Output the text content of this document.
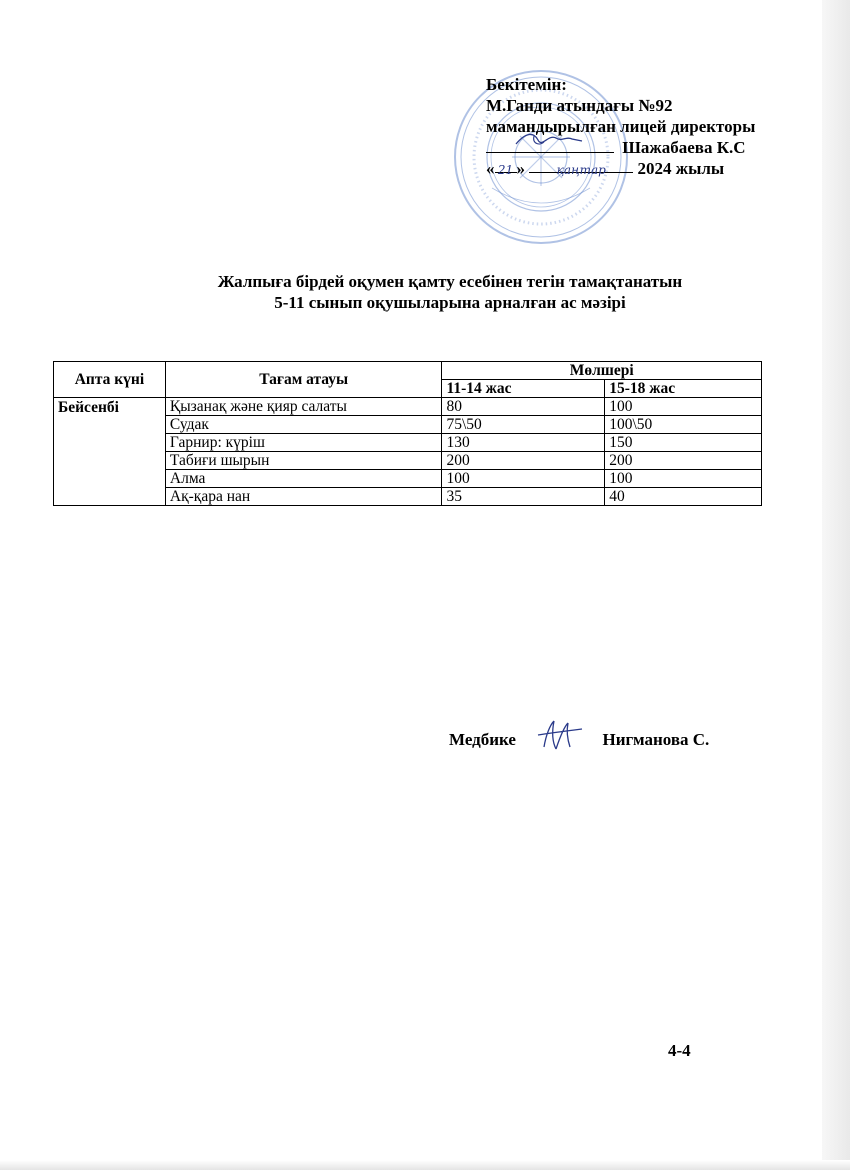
Бекітемін:
М.Ганди атындағы №92
мамандырылған лицей директоры
Шажабаева К.С
« 21 »	қаңтар 2024 жылы
Жалпыға бірдей оқумен қамту есебінен тегін тамақтанатын
5-11 сынып оқушыларына арналған ас мәзірі
Апта күні	Тағам атауы	Мөлшері	
		11-14 жас	15-18 жас
Бейсенбі	Қызанақ және қияр салаты	80	100
	Судак	75\50	100\50
	Гарнир: күріш	130	150
	Табиғи шырын	200	200
	Алма	100	100
	Ақ-қара нан	35	40
Медбике	Нигманова С.
4-4
